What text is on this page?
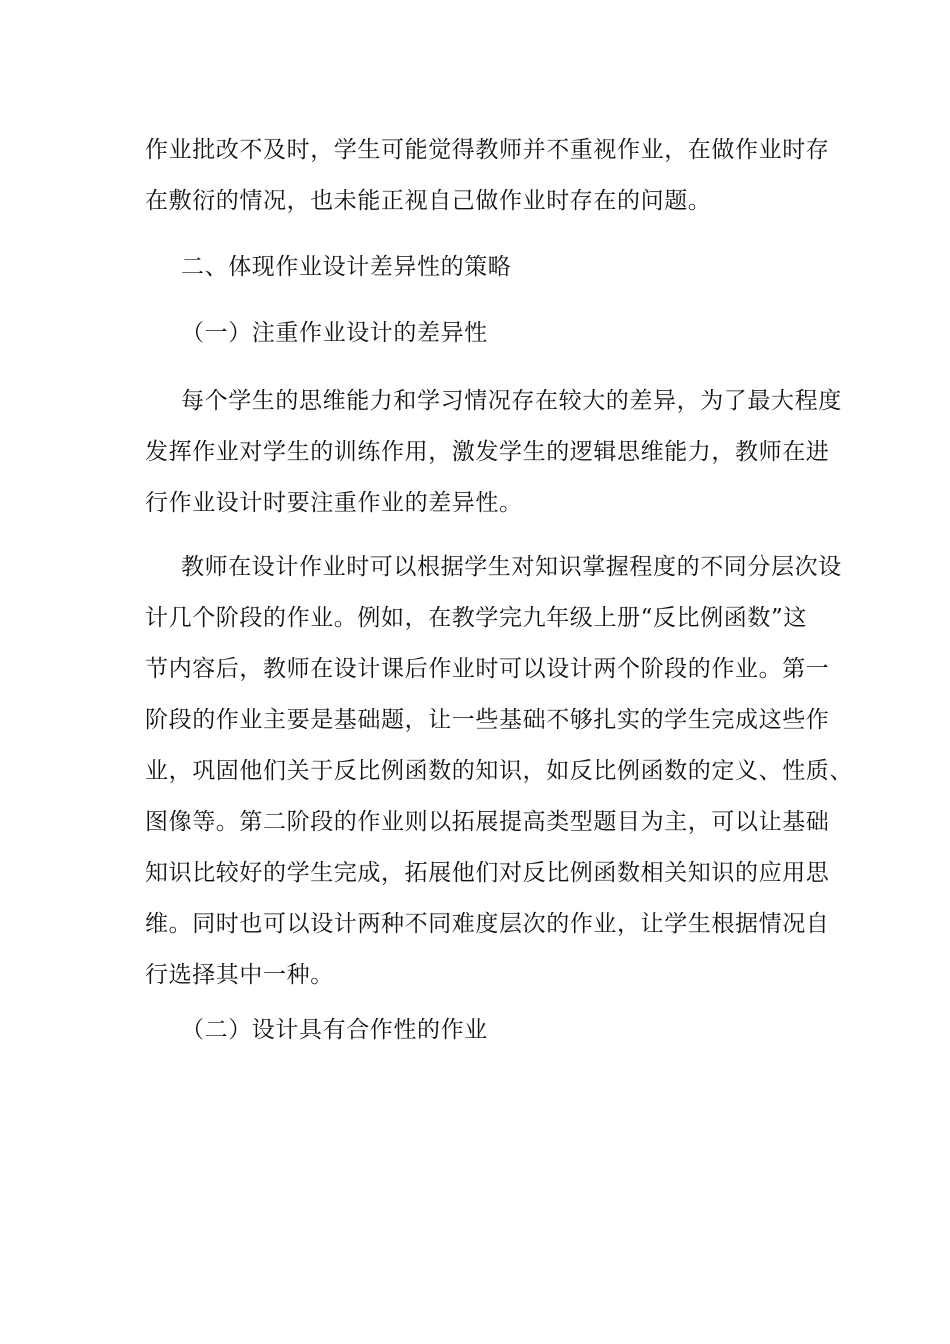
作业批改不及时，学生可能觉得教师并不重视作业，在做作业时存
在敷衍的情况，也未能正视自己做作业时存在的问题。

二、体现作业设计差异性的策略
（一）注重作业设计的差异性

每个学生的思维能力和学习情况存在较大的差异，为了最大程度
发挥作业对学生的训练作用，激发学生的逻辑思维能力，教师在进
行作业设计时要注重作业的差异性。

教师在设计作业时可以根据学生对知识掌握程度的不同分层次设
计几个阶段的作业。例如，在教学完九年级上册“反比例函数”这
节内容后，教师在设计课后作业时可以设计两个阶段的作业。第一
阶段的作业主要是基础题，让一些基础不够扎实的学生完成这些作
业，巩固他们关于反比例函数的知识，如反比例函数的定义、性质、
图像等。第二阶段的作业则以拓展提高类型题目为主，可以让基础
知识比较好的学生完成，拓展他们对反比例函数相关知识的应用思
维。同时也可以设计两种不同难度层次的作业，让学生根据情况自
行选择其中一种。

（二）设计具有合作性的作业
